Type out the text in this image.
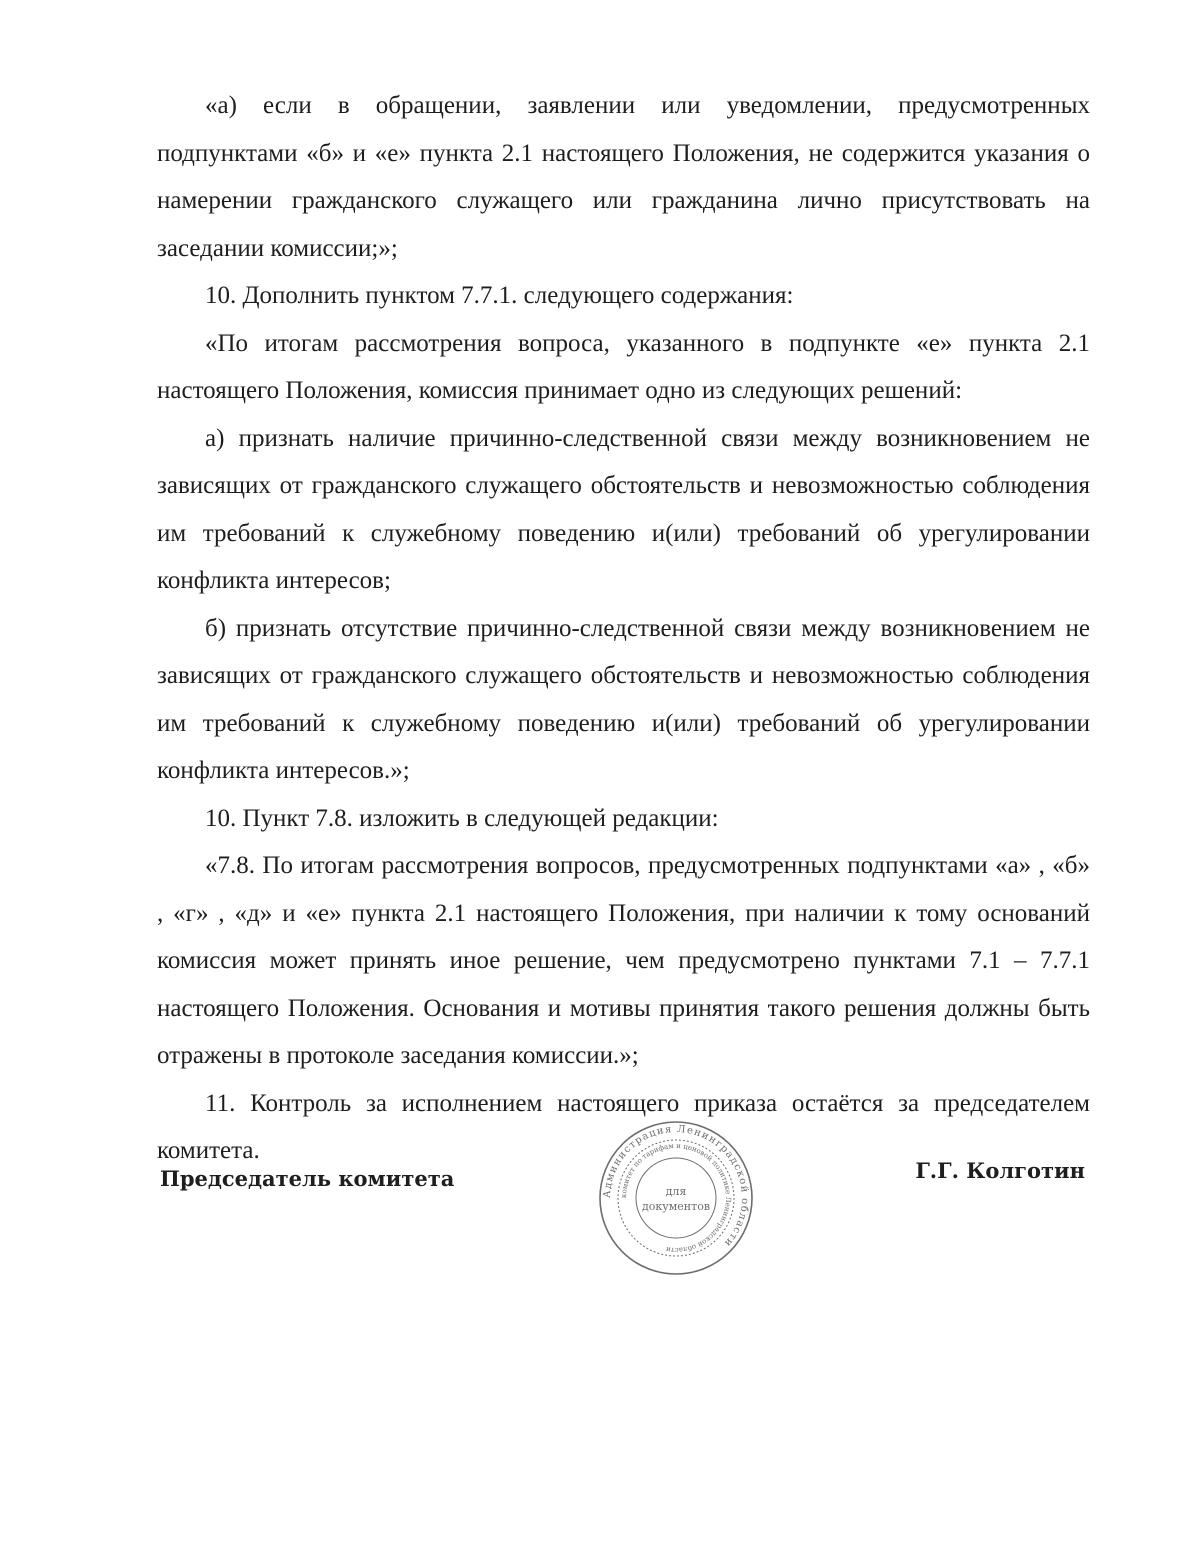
«а) если в обращении, заявлении или уведомлении, предусмотренных подпунктами «б» и «е» пункта 2.1 настоящего Положения, не содержится указания о намерении гражданского служащего или гражданина лично присутствовать на заседании комиссии;»;

10. Дополнить пунктом 7.7.1. следующего содержания:

«По итогам рассмотрения вопроса, указанного в подпункте «е» пункта 2.1 настоящего Положения, комиссия принимает одно из следующих решений:

а) признать наличие причинно-следственной связи между возникновением не зависящих от гражданского служащего обстоятельств и невозможностью соблюдения им требований к служебному поведению и(или) требований об урегулировании конфликта интересов;

б) признать отсутствие причинно-следственной связи между возникновением не зависящих от гражданского служащего обстоятельств и невозможностью соблюдения им требований к служебному поведению и(или) требований об урегулировании конфликта интересов.»;

10. Пункт 7.8. изложить в следующей редакции:

«7.8. По итогам рассмотрения вопросов, предусмотренных подпунктами «а» , «б» , «г» , «д» и «е» пункта 2.1 настоящего Положения, при наличии к тому оснований комиссия может принять иное решение, чем предусмотрено пунктами 7.1 – 7.7.1 настоящего Положения. Основания и мотивы принятия такого решения должны быть отражены в протоколе заседания комиссии.»;

11. Контроль за исполнением настоящего приказа остаётся за председателем комитета.

Председатель комитета	Г.Г. Колготин
Администрация Ленинградской области
комитет по тарифам и ценовой политике Ленинградской области
для
документов
